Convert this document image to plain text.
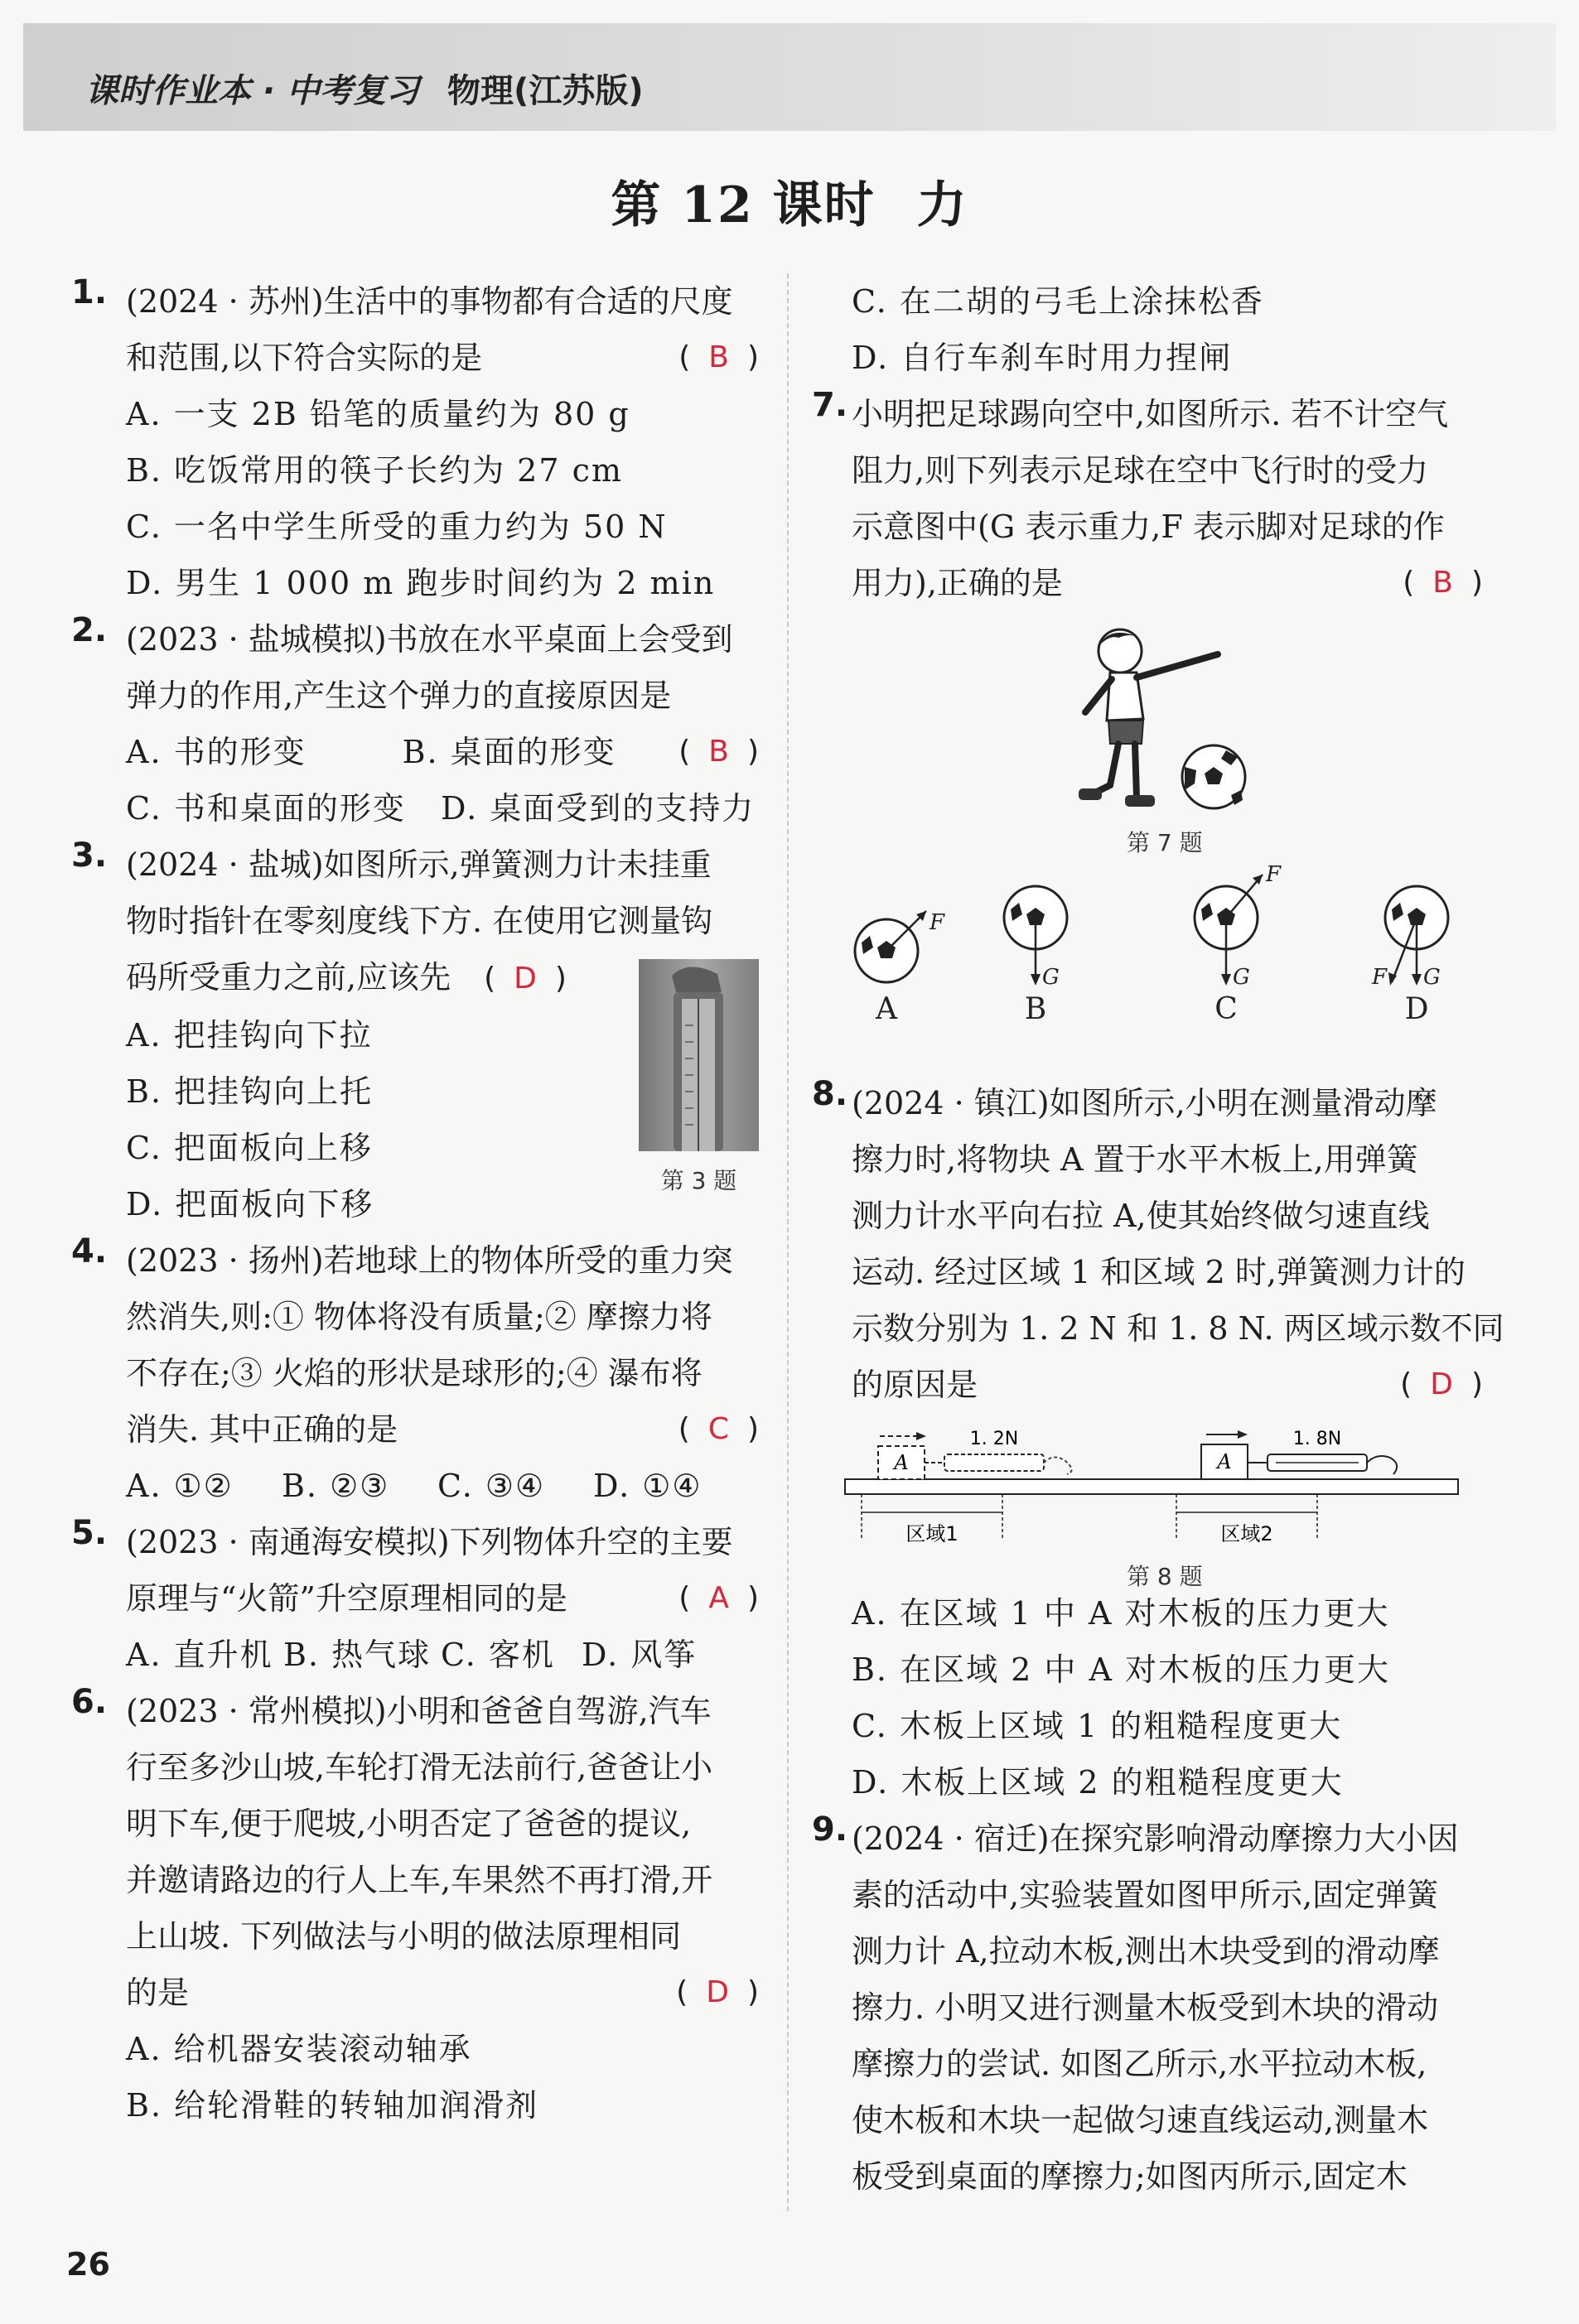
课时作业本 · 中考复习 物理(江苏版)
第 12 课时 力
1. (2024 · 苏州)生活中的事物都有合适的尺度
和范围,以下符合实际的是	( B )
A. 一支 2B 铅笔的质量约为 80 g
B. 吃饭常用的筷子长约为 27 cm
C. 一名中学生所受的重力约为 50 N
D. 男生 1 000 m 跑步时间约为 2 min
2. (2023 · 盐城模拟)书放在水平桌面上会受到
弹力的作用,产生这个弹力的直接原因是
( B )
A. 书的形变	B. 桌面的形变
C. 书和桌面的形变	D. 桌面受到的支持力
3. (2024 · 盐城)如图所示,弹簧测力计未挂重
物时指针在零刻度线下方. 在使用它测量钩
码所受重力之前,应该先 ( D )
A. 把挂钩向下拉
B. 把挂钩向上托
C. 把面板向上移
D. 把面板向下移
第 3 题
4. (2023 · 扬州)若地球上的物体所受的重力突
然消失,则:① 物体将没有质量;② 摩擦力将
不存在;③ 火焰的形状是球形的;④ 瀑布将
消失. 其中正确的是	( C )
A. ①②	B. ②③	C. ③④	D. ①④
5. (2023 · 南通海安模拟)下列物体升空的主要
原理与“火箭”升空原理相同的是	( A )
A. 直升机 B. 热气球 C. 客机 D. 风筝
6. (2023 · 常州模拟)小明和爸爸自驾游,汽车
行至多沙山坡,车轮打滑无法前行,爸爸让小
明下车,便于爬坡,小明否定了爸爸的提议,
并邀请路边的行人上车,车果然不再打滑,开
上山坡. 下列做法与小明的做法原理相同
的是	( D )
A. 给机器安装滚动轴承
B. 给轮滑鞋的转轴加润滑剂
C. 在二胡的弓毛上涂抹松香
D. 自行车刹车时用力捏闸
7. 小明把足球踢向空中,如图所示. 若不计空气
阻力,则下列表示足球在空中飞行时的受力
示意图中(G 表示重力,F 表示脚对足球的作
用力),正确的是	( B )
第 7 题
F
G
F
G	F G
A	B	C	D
8. (2024 · 镇江)如图所示,小明在测量滑动摩
擦力时,将物块 A 置于水平木板上,用弹簧
测力计水平向右拉 A,使其始终做匀速直线
运动. 经过区域 1 和区域 2 时,弹簧测力计的
示数分别为 1. 2 N 和 1. 8 N. 两区域示数不同
的原因是	( D )
A
1. 2N
A
1. 8N
区域1	区域2
第 8 题
A. 在区域 1 中 A 对木板的压力更大
B. 在区域 2 中 A 对木板的压力更大
C. 木板上区域 1 的粗糙程度更大
D. 木板上区域 2 的粗糙程度更大
9. (2024 · 宿迁)在探究影响滑动摩擦力大小因
素的活动中,实验装置如图甲所示,固定弹簧
测力计 A,拉动木板,测出木块受到的滑动摩
擦力. 小明又进行测量木板受到木块的滑动
摩擦力的尝试. 如图乙所示,水平拉动木板,
使木板和木块一起做匀速直线运动,测量木
板受到桌面的摩擦力;如图丙所示,固定木
26
